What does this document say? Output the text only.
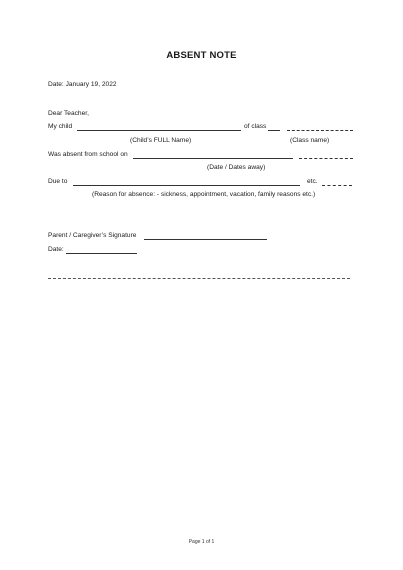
ABSENT NOTE
Date: January 19, 2022
Dear Teacher,
My child	of class
(Child’s FULL Name)	(Class name)
Was absent from school on
(Date / Dates away)
Due to	etc.
(Reason for absence: - sickness, appointment, vacation, family reasons etc.)
Parent / Caregiver’s Signature
Date:
Page 1 of 1
